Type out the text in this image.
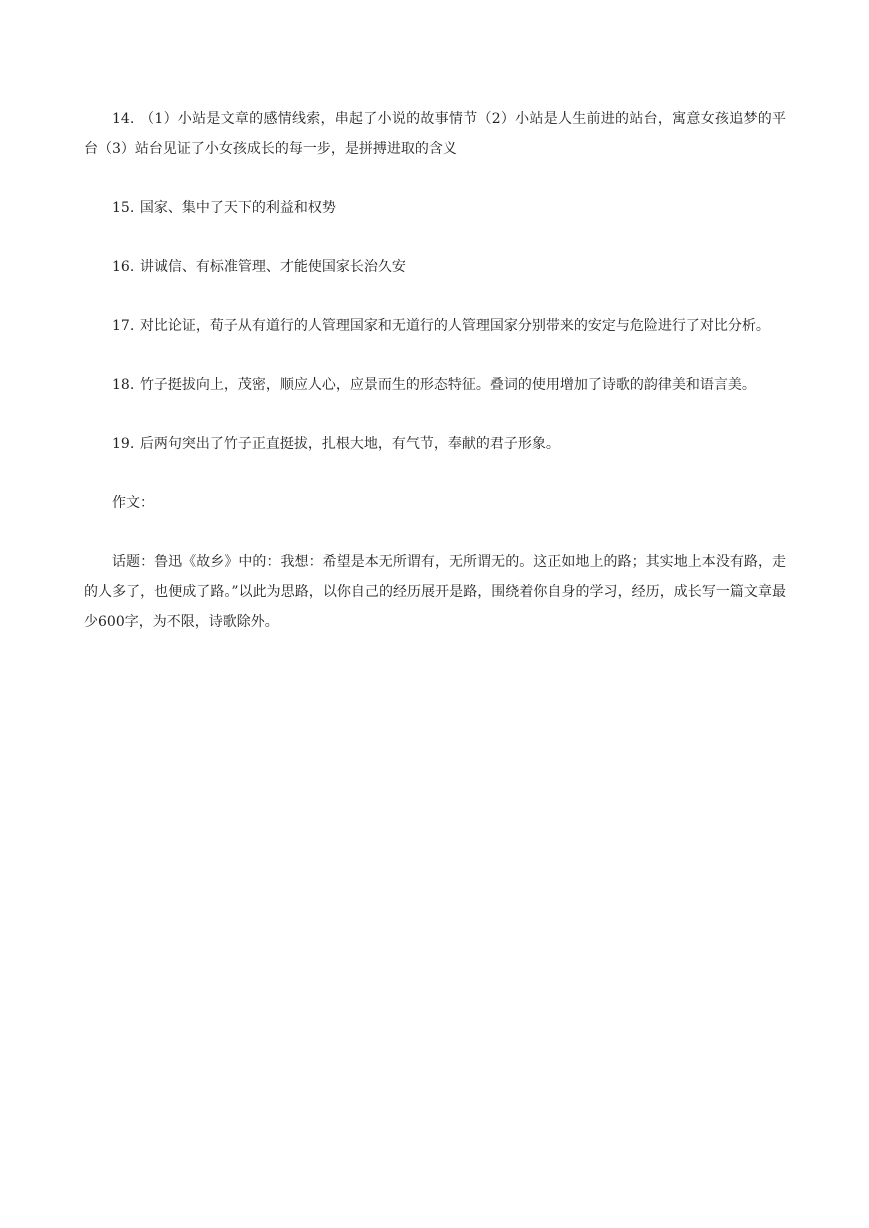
14. （1）小站是文章的感情线索，串起了小说的故事情节（2）小站是人生前进的站台，寓意女孩追梦的平台（3）站台见证了小女孩成长的每一步，是拼搏进取的含义

15. 国家、集中了天下的利益和权势

16. 讲诚信、有标准管理、才能使国家长治久安

17. 对比论证，荀子从有道行的人管理国家和无道行的人管理国家分别带来的安定与危险进行了对比分析。

18. 竹子挺拔向上，茂密，顺应人心，应景而生的形态特征。叠词的使用增加了诗歌的韵律美和语言美。

19. 后两句突出了竹子正直挺拔，扎根大地，有气节，奉献的君子形象。

作文：

话题：鲁迅《故乡》中的：我想：希望是本无所谓有，无所谓无的。这正如地上的路；其实地上本没有路，走的人多了，也便成了路。”以此为思路，以你自己的经历展开是路，围绕着你自身的学习，经历，成长写一篇文章最少600字，为不限，诗歌除外。
